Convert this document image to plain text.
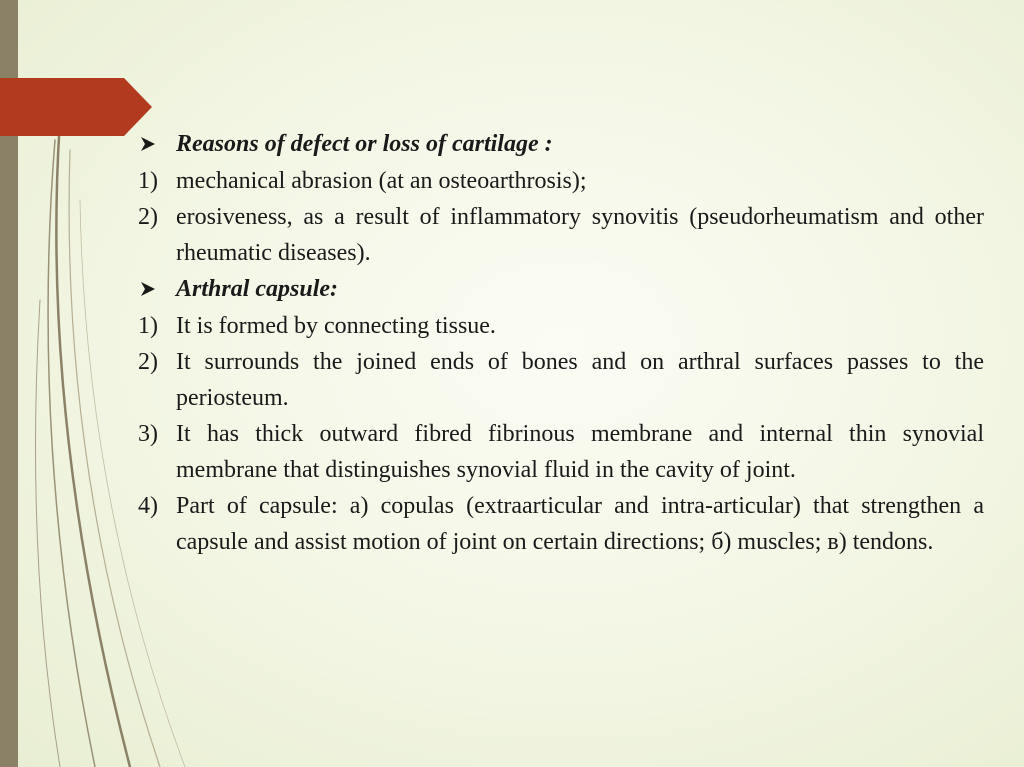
Reasons of defect or loss of cartilage :
1) mechanical abrasion (at an osteoarthrosis);
2) erosiveness, as a result of inflammatory synovitis (pseudorheumatism and other rheumatic diseases).
Arthral capsule:
1) It is formed by connecting tissue.
2) It surrounds the joined ends of bones and on arthral surfaces passes to the periosteum.
3) It has thick outward fibred fibrinous membrane and internal thin synovial membrane that distinguishes synovial fluid in the cavity of joint.
4) Part of capsule: а) copulas (extraarticular and intra-articular) that strengthen a capsule and assist motion of joint on certain directions; б) muscles; в) tendons.
